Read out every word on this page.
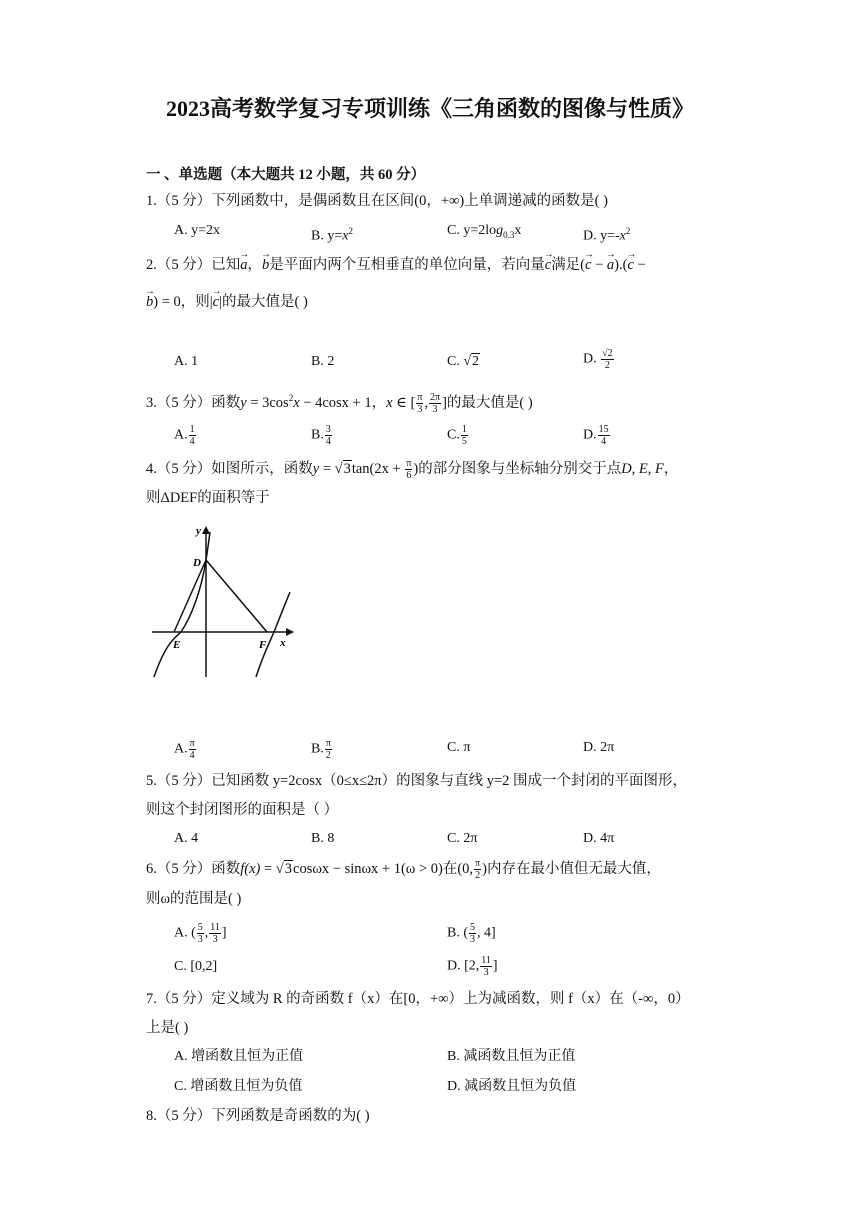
2023高考数学复习专项训练《三角函数的图像与性质》
一 、单选题（本大题共 12 小题，共 60 分）
1.（5 分）下列函数中，是偶函数且在区间(0，+∞)上单调递减的函数是( )
A. y=2x	B. $y=x^2$	C. $y=2\log_{0.3}x$	D. $y=-x^2$
2.（5 分）已知→ a，→ b是平面内两个互相垂直的单位向量，若向量→ c满足(→ c − → a).(→ c −
→ b) = 0，则|→ c|的最大值是( )
A. 1	B. 2	C. √2	D. $\frac{√2}{2}$
3.（5 分）函数$y = 3\cos^2x - 4\cos x + 1$，x ∈ [ $\frac{\pi}{3}$ , $\frac{2\pi}{3}$ ]的最大值是( )
A. $\frac{1}{4}$	B. $\frac{3}{4}$	C. $\frac{1}{5}$	D. $\frac{15}{4}$
4.（5 分）如图所示，函数$y = √3\tan(2x + \frac{\pi}{6}$ )的部分图象与坐标轴分别交于点D, E, F，
则ΔDEF的面积等于
y
D
E	F x
A. $\frac{\pi}{4}$	B. $\frac{\pi}{2}$	C. π	D. 2π
5.（5 分）已知函数 y=2cosx（0≤x≤2π）的图象与直线 y=2 围成一个封闭的平面图形，
则这个封闭图形的面积是（ ）
A. 4	B. 8	C. 2π	D. 4π
6.（5 分）函数f(x) = √3cosωx − sinωx + 1(ω > 0)在(0, $\frac{\pi}{2}$ )内存在最小值但无最大值，
则ω的范围是( )
A. ( $\frac{5}{3}$ , $\frac{11}{3}$ ]	B. ( $\frac{5}{3}$ , 4]
C. [0,2]	D. [2, $\frac{11}{3}$ ]
7.（5 分）定义域为 R 的奇函数 f（x）在[0，+∞）上为减函数，则 f（x）在（-∞，0）
上是( )
A. 增函数且恒为正值	B. 减函数且恒为正值
C. 增函数且恒为负值	D. 减函数且恒为负值
8.（5 分）下列函数是奇函数的为( )
